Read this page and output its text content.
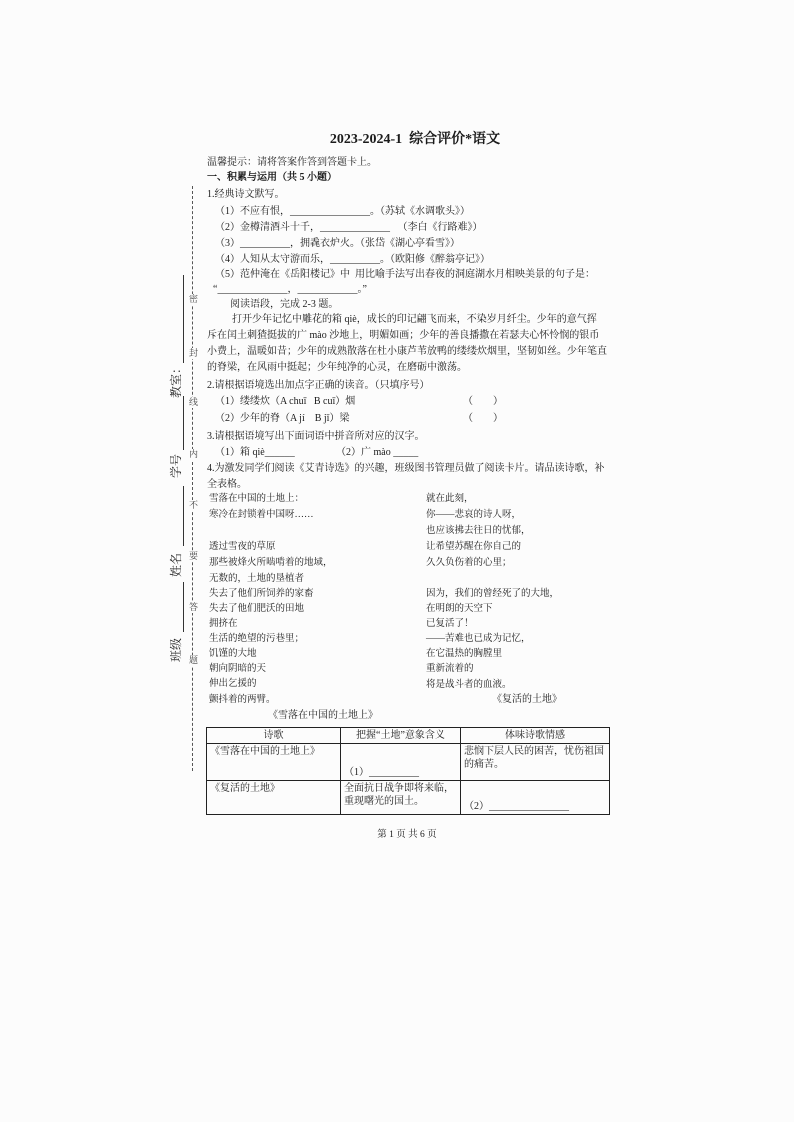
密
封
线
内
不
要
答
题
教室：
学号
姓名
班级
2023-2024-1  综合评价*语文
温馨提示：请将答案作答到答题卡上。
一、积累与运用（共 5 小题）
1.经典诗文默写。
（1）不应有恨，________________。（苏轼《水调歌头》）
（2）金樽清酒斗十千，______________   （李白《行路难》）
（3）__________，拥毳衣炉火。（张岱《湖心亭看雪》）
（4）人知从太守游而乐，__________。（欧阳修《醉翁亭记》）
（5）范仲淹在《岳阳楼记》中  用比喻手法写出春夜的洞庭湖水月相映美景的句子是：
“______________，____________。”
阅读语段，完成 2-3 题。
打开少年记忆中雕花的箱 qiè，成长的印记翩飞而来，不染岁月纤尘。少年的意气挥
斥在闰土刺猹挺拔的广 mào 沙地上，明媚如画；少年的善良播撒在若瑟夫心怀怜悯的银币
小费上，温暖如昔；少年的成熟散落在杜小康芦苇放鸭的缕缕炊烟里，坚韧如丝。少年笔直
的脊梁，在风雨中挺起；少年纯净的心灵，在磨砺中激荡。
2.请根据语境选出加点字正确的读音。（只填序号）
（1）缕缕炊（A chuī   B cuī）烟	（        ）
（2）少年的脊（A jí    B jǐ）梁	（        ）
3.请根据语境写出下面词语中拼音所对应的汉字。
（1）箱 qiè______	（2）广 mào _____
4.为激发同学们阅读《艾青诗选》的兴趣，班级图书管理员做了阅读卡片。请品读诗歌，补
全表格。
雪落在中国的土地上：
寒冷在封锁着中国呀……
透过雪夜的草原
那些被烽火所啮啃着的地域，
无数的，土地的垦植者
失去了他们所饲养的家畜
失去了他们肥沃的田地
拥挤在
生活的绝望的污巷里；
饥馑的大地
朝向阴暗的天
伸出乞援的
颤抖着的两臂。
《雪落在中国的土地上》
就在此刻，
你——悲哀的诗人呀，
也应该拂去往日的忧郁，
让希望苏醒在你自己的
久久负伤着的心里；
因为，我们的曾经死了的大地，
在明朗的天空下
已复活了！
——苦难也已成为记忆，
在它温热的胸膛里
重新流着的
将是战斗者的血液。
《复活的土地》
诗歌	把握“土地”意象含义	体味诗歌情感
《雪落在中国的土地上》	（1）__________	悲悯下层人民的困苦，忧伤祖国的痛苦。
《复活的土地》	全面抗日战争即将来临，重现曙光的国土。	（2）________________
第 1 页 共 6 页
